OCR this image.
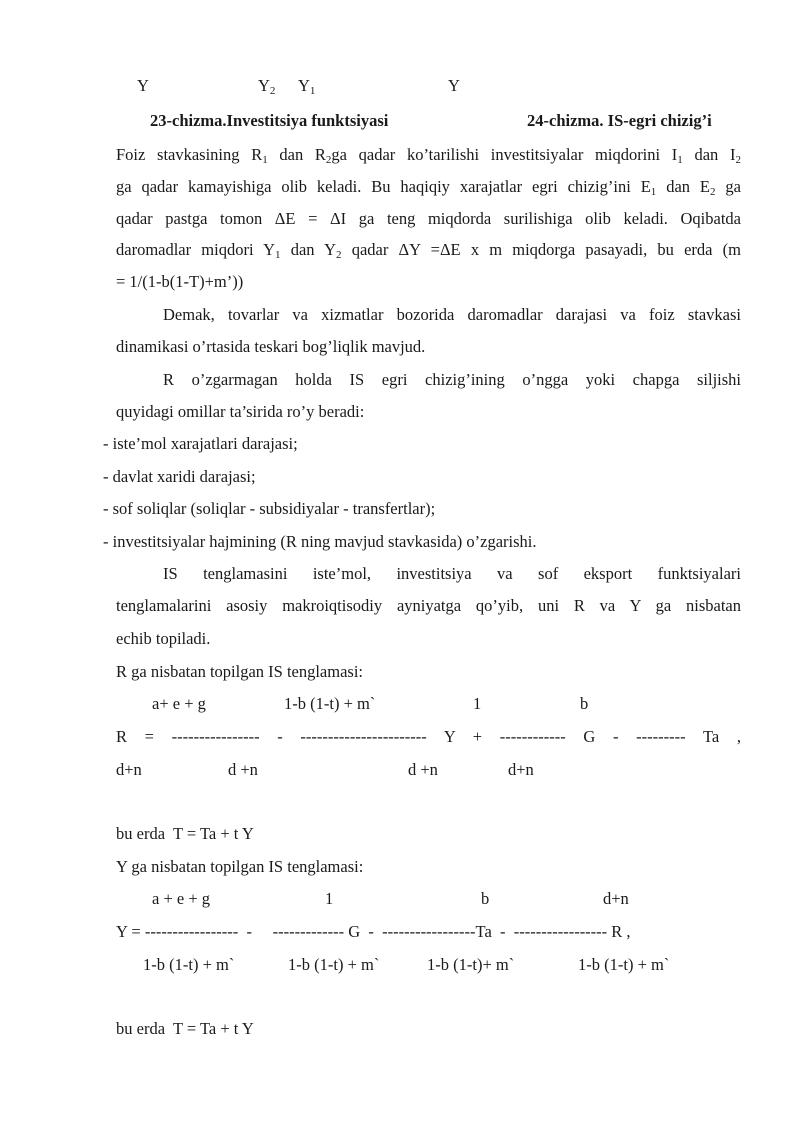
Y	$Y_2$ $Y_1$	Y
23-chizma.Investitsiya funktsiyasi	24-chizma. IS-egri chizig’i
Foiz stavkasining $R_1$ dan $R_2ga$ qadar ko’tarilishi investitsiyalar miqdorini $I_1$ dan $I_2$
ga qadar kamayishiga olib keladi. Bu haqiqiy xarajatlar egri chizig’ini $E_1$ dan $E_2$ ga
qadar pastga tomon ΔE = ΔI ga teng miqdorda surilishiga olib keladi. Oqibatda
daromadlar miqdori $Y_1$ dan $Y_2$ qadar ΔY =ΔE x m miqdorga pasayadi, bu erda (m
= 1/(1-b(1-T)+m’))
Demak, tovarlar va xizmatlar bozorida daromadlar darajasi va foiz stavkasi
dinamikasi o’rtasida teskari bog’liqlik mavjud.
R o’zgarmagan holda IS egri chizig’ining o’ngga yoki chapga siljishi
quyidagi omillar ta’sirida ro’y beradi:
- iste’mol xarajatlari darajasi;
- davlat xaridi darajasi;
- sof soliqlar (soliqlar - subsidiyalar - transfertlar);
- investitsiyalar hajmining (R ning mavjud stavkasida) o’zgarishi.
IS tenglamasini iste’mol, investitsiya va sof eksport funktsiyalari
tenglamalarini asosiy makroiqtisodiy ayniyatga qo’yib, uni R va Y ga nisbatan
echib topiladi.
R ga nisbatan topilgan IS tenglamasi:
a+ e + g	1-b (1-t) + m`	1	b
R = ---------------- - ----------------------- Y + ------------ G - --------- Ta ,
d+n	d +n	d +n	d+n
bu erda  T = Ta + t Y
Y ga nisbatan topilgan IS tenglamasi:
a + e + g	1	b	d+n
Y = -----------------  -     ------------- G  -  -----------------Ta  -  ----------------- R ,
1-b (1-t) + m`	1-b (1-t) + m`	1-b (1-t)+ m`	1-b (1-t) + m`
bu erda  T = Ta + t Y
